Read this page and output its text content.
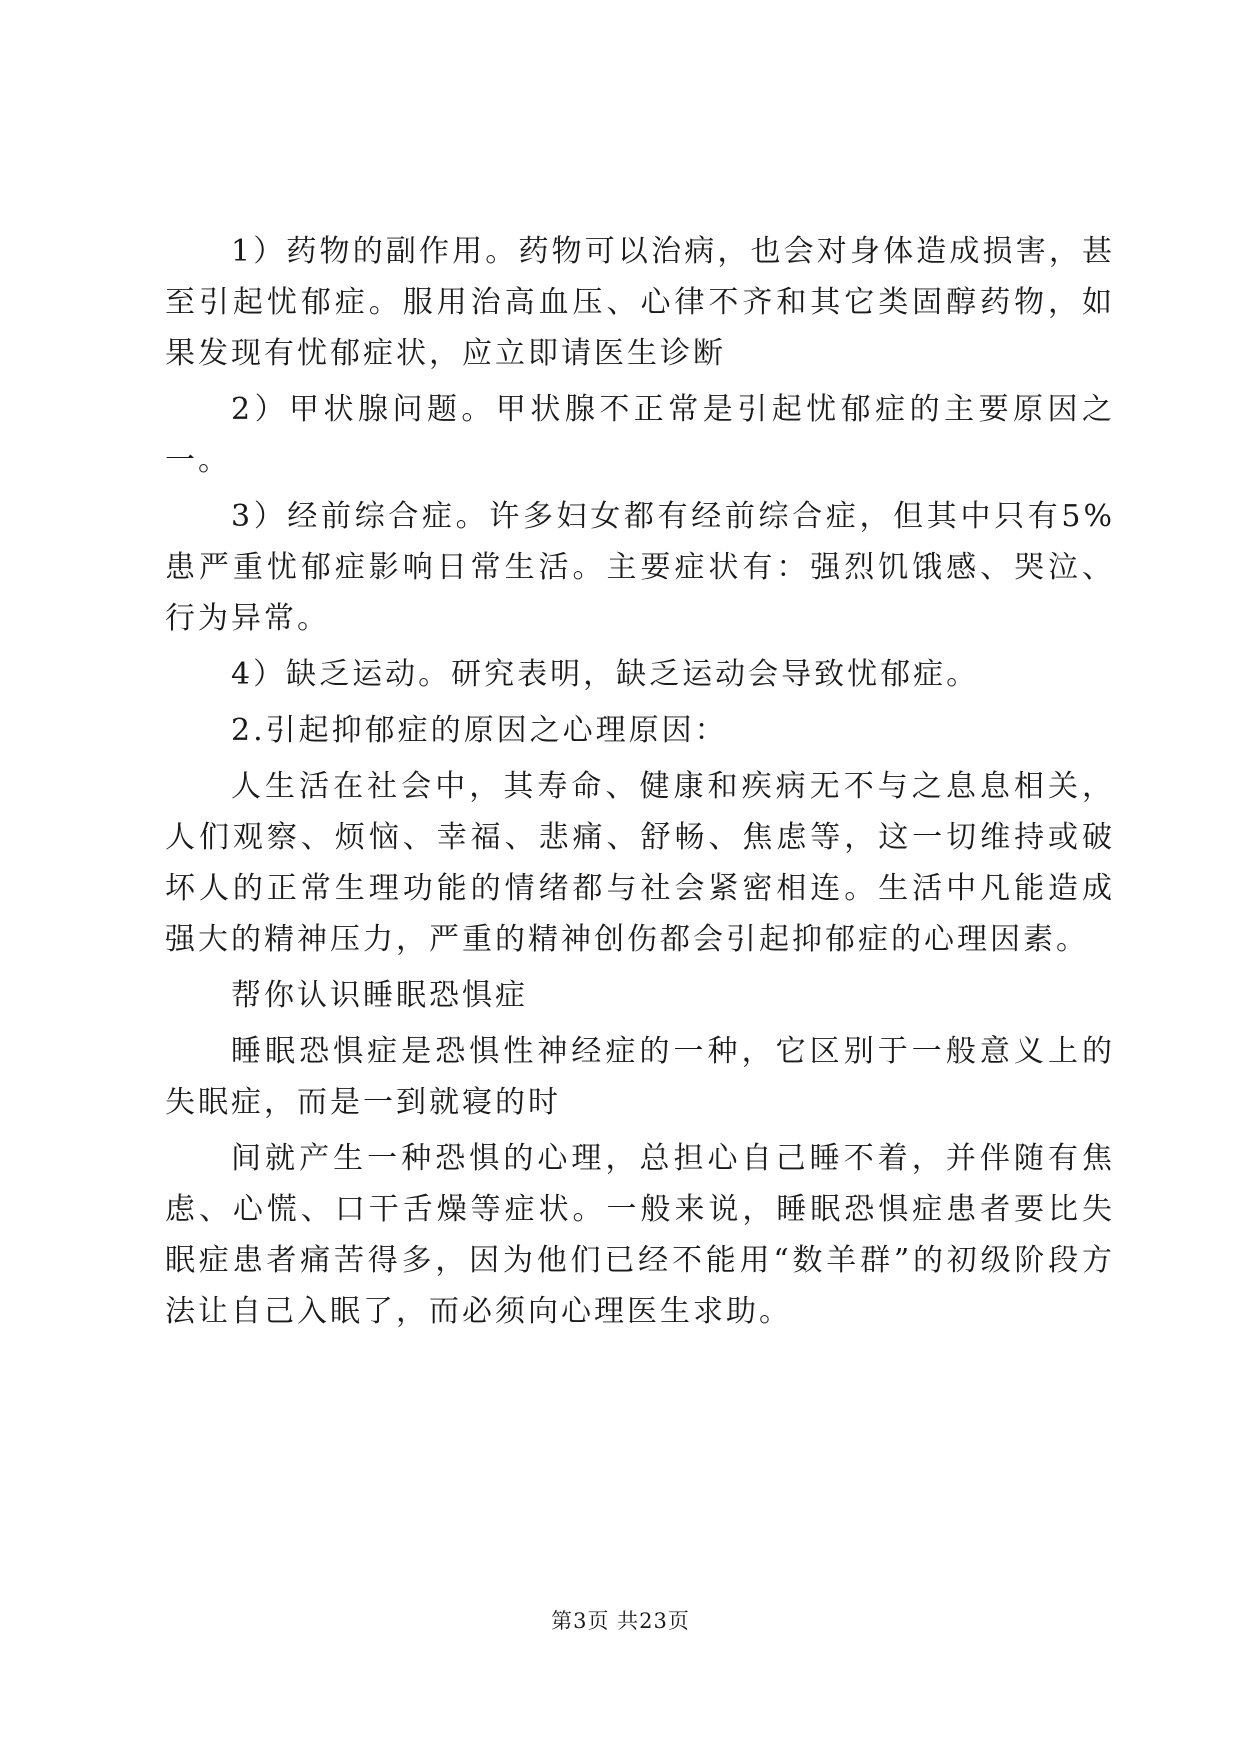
1）药物的副作用。药物可以治病，也会对身体造成损害，甚至引起忧郁症。服用治高血压、心律不齐和其它类固醇药物，如果发现有忧郁症状，应立即请医生诊断

2）甲状腺问题。甲状腺不正常是引起忧郁症的主要原因之一。

3）经前综合症。许多妇女都有经前综合症，但其中只有5%患严重忧郁症影响日常生活。主要症状有：强烈饥饿感、哭泣、行为异常。

4）缺乏运动。研究表明，缺乏运动会导致忧郁症。

2.引起抑郁症的原因之心理原因：

人生活在社会中，其寿命、健康和疾病无不与之息息相关，人们观察、烦恼、幸福、悲痛、舒畅、焦虑等，这一切维持或破坏人的正常生理功能的情绪都与社会紧密相连。生活中凡能造成强大的精神压力，严重的精神创伤都会引起抑郁症的心理因素。

帮你认识睡眠恐惧症

睡眠恐惧症是恐惧性神经症的一种，它区别于一般意义上的失眠症，而是一到就寝的时

间就产生一种恐惧的心理，总担心自己睡不着，并伴随有焦虑、心慌、口干舌燥等症状。一般来说，睡眠恐惧症患者要比失眠症患者痛苦得多，因为他们已经不能用“数羊群”的初级阶段方法让自己入眠了，而必须向心理医生求助。

第3页 共23页
